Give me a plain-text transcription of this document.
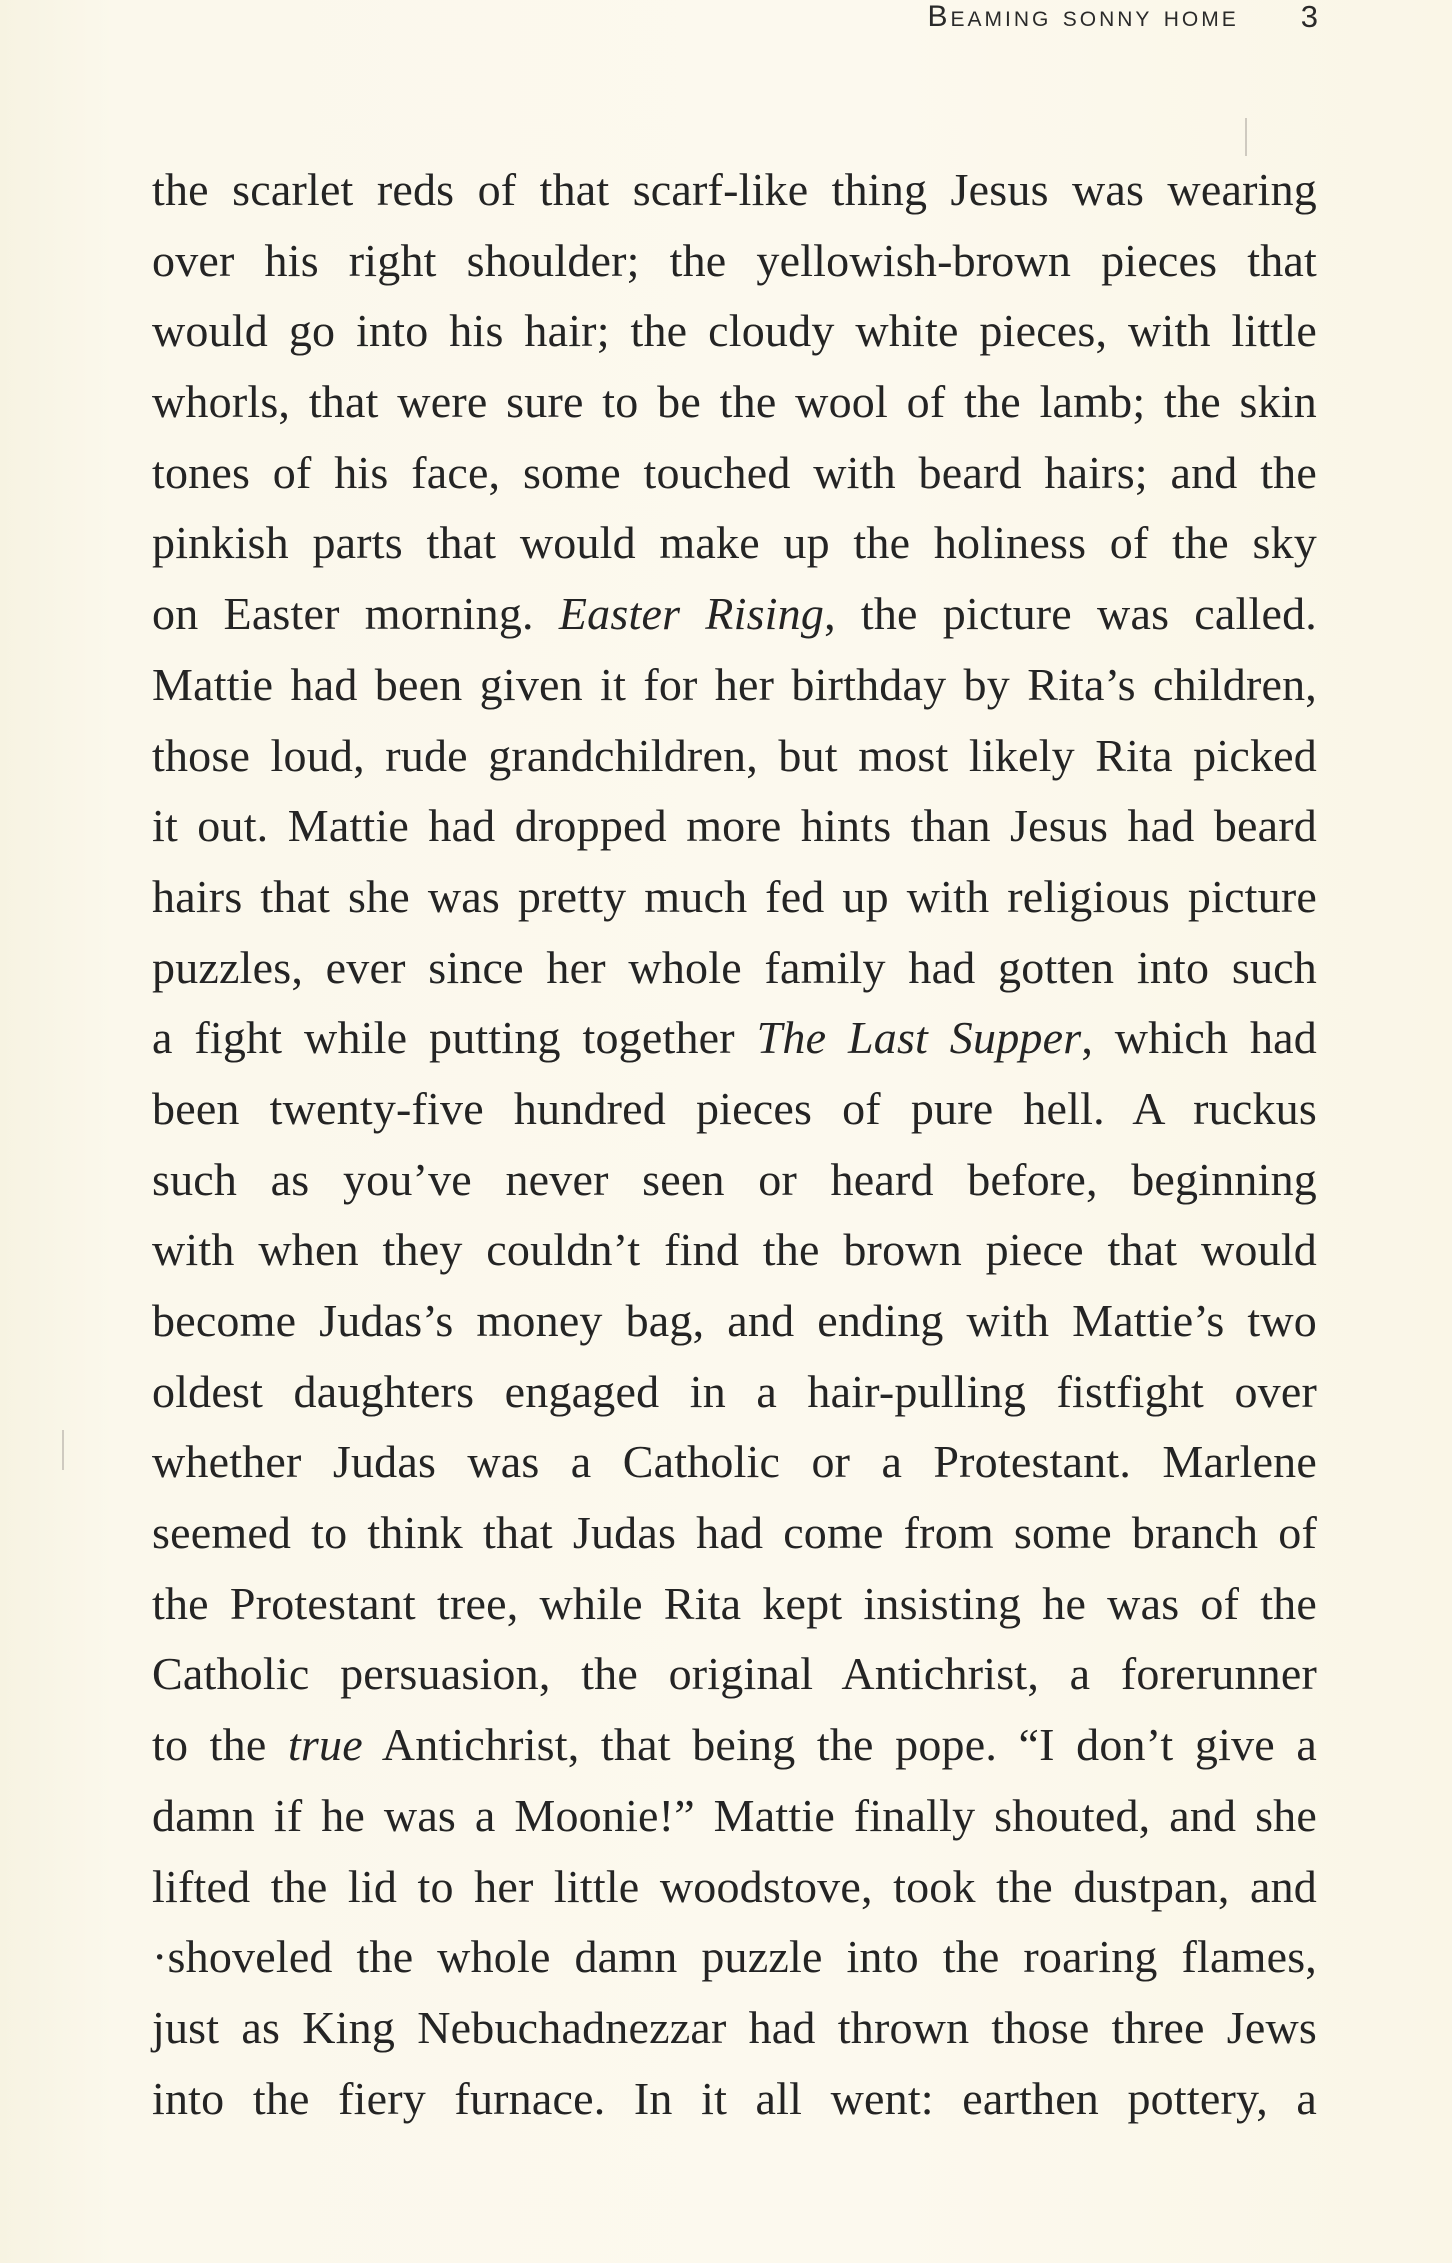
Beaming sonny home 3
the scarlet reds of that scarf-like thing Jesus was wearing
over his right shoulder; the yellowish-brown pieces that
would go into his hair; the cloudy white pieces, with little
whorls, that were sure to be the wool of the lamb; the skin
tones of his face, some touched with beard hairs; and the
pinkish parts that would make up the holiness of the sky
on Easter morning. Easter Rising, the picture was called.
Mattie had been given it for her birthday by Rita’s children,
those loud, rude grandchildren, but most likely Rita picked
it out. Mattie had dropped more hints than Jesus had beard
hairs that she was pretty much fed up with religious picture
puzzles, ever since her whole family had gotten into such
a fight while putting together The Last Supper, which had
been twenty-five hundred pieces of pure hell. A ruckus
such as you’ve never seen or heard before, beginning
with when they couldn’t find the brown piece that would
become Judas’s money bag, and ending with Mattie’s two
oldest daughters engaged in a hair-pulling fistfight over
whether Judas was a Catholic or a Protestant. Marlene
seemed to think that Judas had come from some branch of
the Protestant tree, while Rita kept insisting he was of the
Catholic persuasion, the original Antichrist, a forerunner
to the true Antichrist, that being the pope. “I don’t give a
damn if he was a Moonie!” Mattie finally shouted, and she
lifted the lid to her little woodstove, took the dustpan, and
·shoveled the whole damn puzzle into the roaring flames,
just as King Nebuchadnezzar had thrown those three Jews
into the fiery furnace. In it all went: earthen pottery, a
